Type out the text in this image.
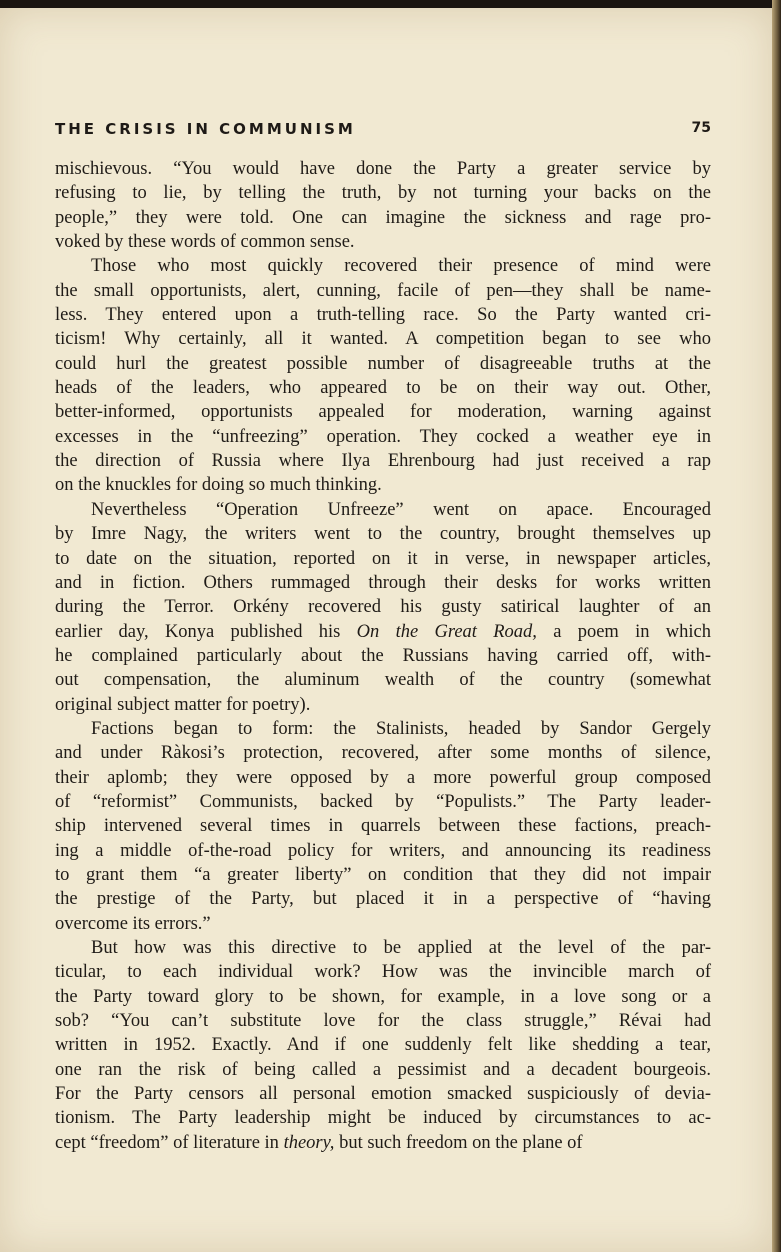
THE CRISIS IN COMMUNISM	75
mischievous. “You would have done the Party a greater service by
refusing to lie, by telling the truth, by not turning your backs on the
people,” they were told. One can imagine the sickness and rage pro-
voked by these words of common sense.
Those who most quickly recovered their presence of mind were
the small opportunists, alert, cunning, facile of pen—they shall be name-
less. They entered upon a truth-telling race. So the Party wanted cri-
ticism! Why certainly, all it wanted. A competition began to see who
could hurl the greatest possible number of disagreeable truths at the
heads of the leaders, who appeared to be on their way out. Other,
better-informed, opportunists appealed for moderation, warning against
excesses in the “unfreezing” operation. They cocked a weather eye in
the direction of Russia where Ilya Ehrenbourg had just received a rap
on the knuckles for doing so much thinking.
Nevertheless “Operation Unfreeze” went on apace. Encouraged
by Imre Nagy, the writers went to the country, brought themselves up
to date on the situation, reported on it in verse, in newspaper articles,
and in fiction. Others rummaged through their desks for works written
during the Terror. Orkény recovered his gusty satirical laughter of an
earlier day, Konya published his On the Great Road, a poem in which
he complained particularly about the Russians having carried off, with-
out compensation, the aluminum wealth of the country (somewhat
original subject matter for poetry).
Factions began to form: the Stalinists, headed by Sandor Gergely
and under Ràkosi’s protection, recovered, after some months of silence,
their aplomb; they were opposed by a more powerful group composed
of “reformist” Communists, backed by “Populists.” The Party leader-
ship intervened several times in quarrels between these factions, preach-
ing a middle of-the-road policy for writers, and announcing its readiness
to grant them “a greater liberty” on condition that they did not impair
the prestige of the Party, but placed it in a perspective of “having
overcome its errors.”
But how was this directive to be applied at the level of the par-
ticular, to each individual work? How was the invincible march of
the Party toward glory to be shown, for example, in a love song or a
sob? “You can’t substitute love for the class struggle,” Révai had
written in 1952. Exactly. And if one suddenly felt like shedding a tear,
one ran the risk of being called a pessimist and a decadent bourgeois.
For the Party censors all personal emotion smacked suspiciously of devia-
tionism. The Party leadership might be induced by circumstances to ac-
cept “freedom” of literature in theory, but such freedom on the plane of
